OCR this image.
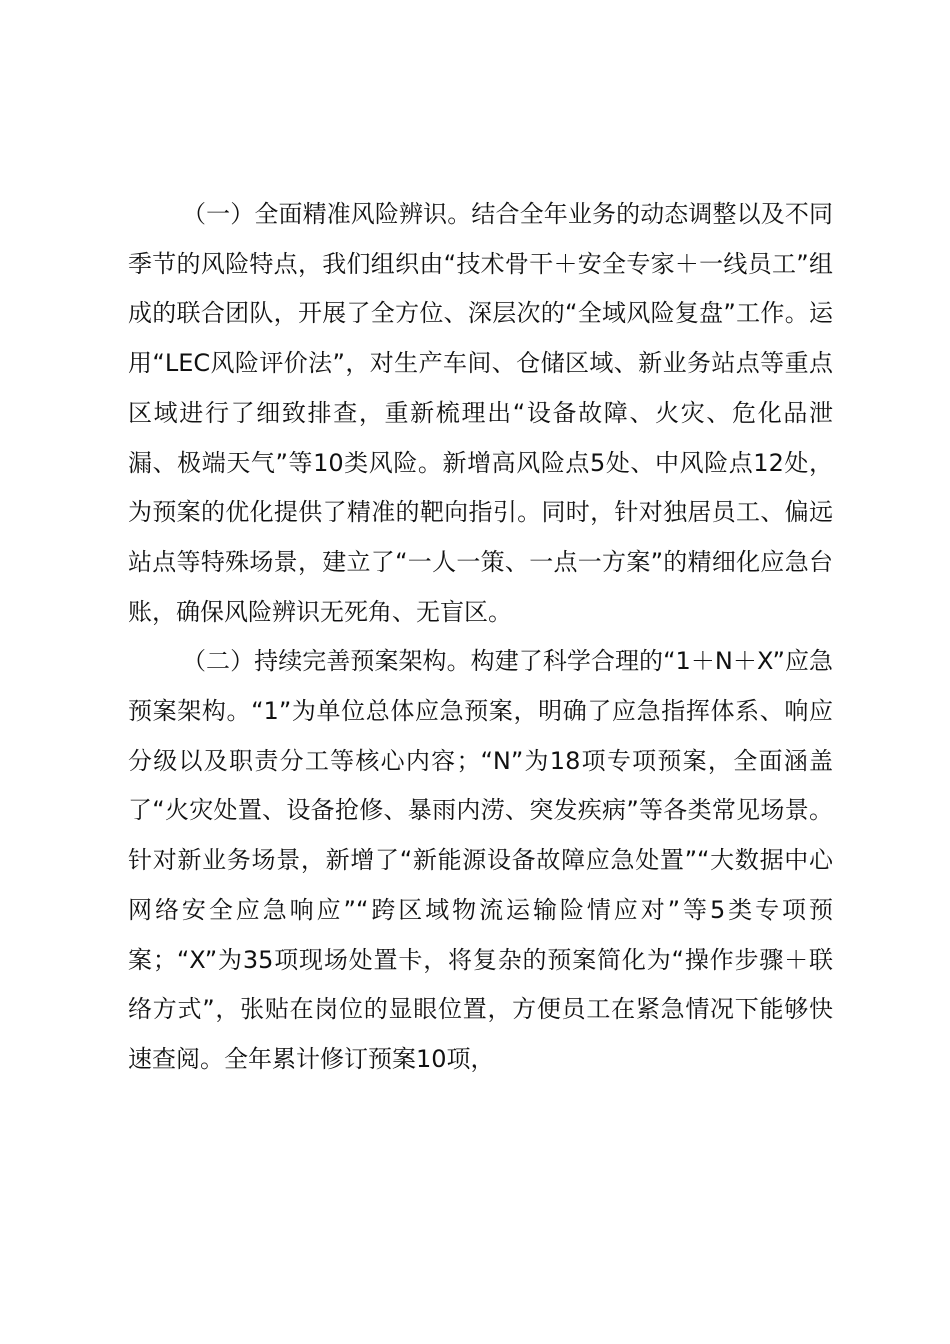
（一）全面精准风险辨识。结合全年业务的动态调整以及不同季节的风险特点，我们组织由“技术骨干＋安全专家＋一线员工”组成的联合团队，开展了全方位、深层次的“全域风险复盘”工作。运用“LEC风险评价法”，对生产车间、仓储区域、新业务站点等重点区域进行了细致排查，重新梳理出“设备故障、火灾、危化品泄漏、极端天气”等10类风险。新增高风险点5处、中风险点12处，为预案的优化提供了精准的靶向指引。同时，针对独居员工、偏远站点等特殊场景，建立了“一人一策、一点一方案”的精细化应急台账，确保风险辨识无死角、无盲区。

（二）持续完善预案架构。构建了科学合理的“1＋N＋X”应急预案架构。“1”为单位总体应急预案，明确了应急指挥体系、响应分级以及职责分工等核心内容；“N”为18项专项预案，全面涵盖了“火灾处置、设备抢修、暴雨内涝、突发疾病”等各类常见场景。针对新业务场景，新增了“新能源设备故障应急处置”“大数据中心网络安全应急响应”“跨区域物流运输险情应对”等5类专项预案；“X”为35项现场处置卡，将复杂的预案简化为“操作步骤＋联络方式”，张贴在岗位的显眼位置，方便员工在紧急情况下能够快速查阅。全年累计修订预案10项，
